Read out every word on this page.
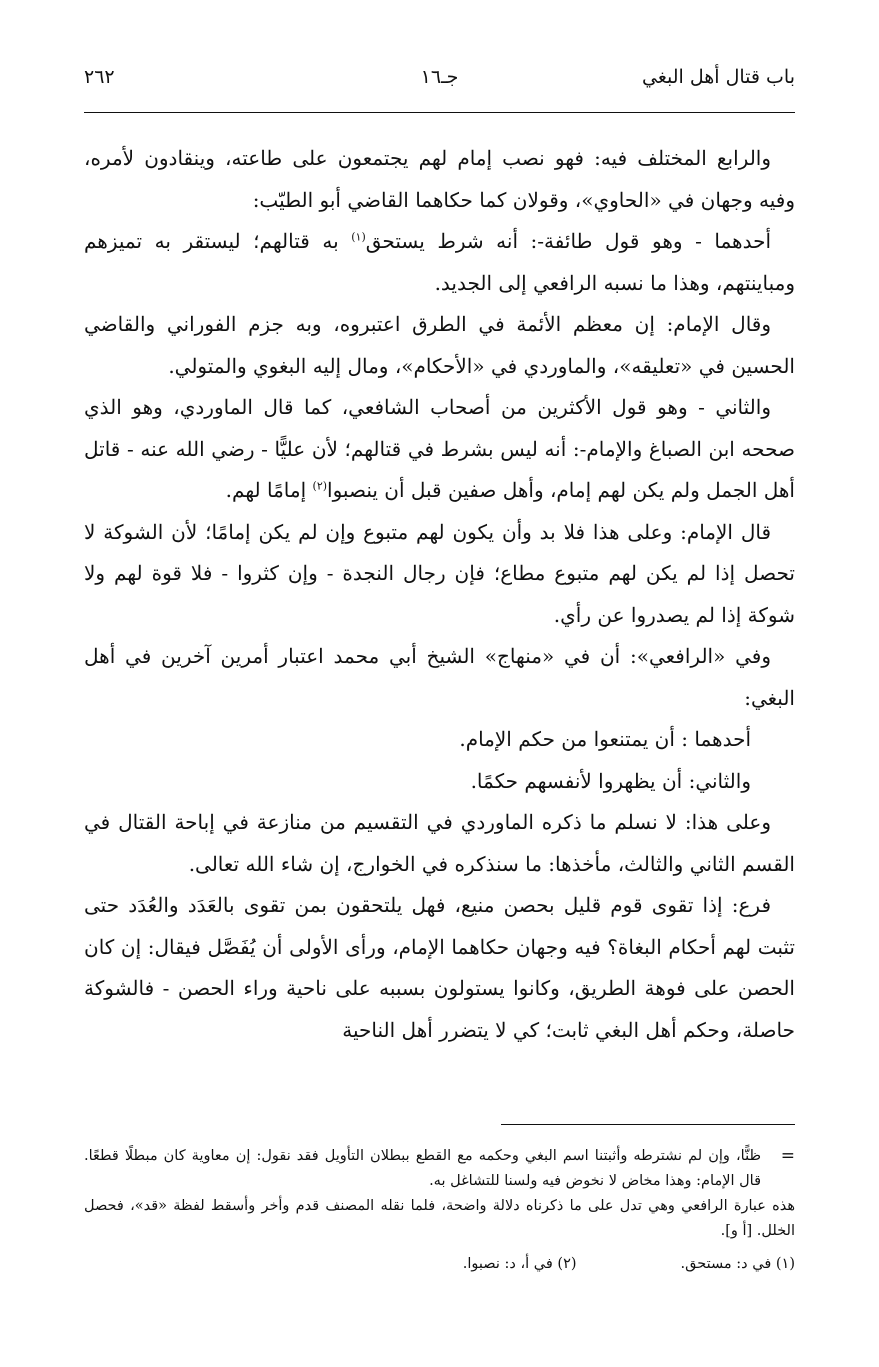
باب قتال أهل البغي
جـ١٦
٢٦٢

والرابع المختلف فيه: فهو نصب إمام لهم يجتمعون على طاعته، وينقادون لأمره، وفيه وجهان في «الحاوي»، وقولان كما حكاهما القاضي أبو الطيّب:

أحدهما - وهو قول طائفة-: أنه شرط يستحق$^{(١)}$ به قتالهم؛ ليستقر به تميزهم ومباينتهم، وهذا ما نسبه الرافعي إلى الجديد.

وقال الإمام: إن معظم الأئمة في الطرق اعتبروه، وبه جزم الفوراني والقاضي الحسين في «تعليقه»، والماوردي في «الأحكام»، ومال إليه البغوي والمتولي.

والثاني - وهو قول الأكثرين من أصحاب الشافعي، كما قال الماوردي، وهو الذي صححه ابن الصباغ والإمام-: أنه ليس بشرط في قتالهم؛ لأن عليًّا - رضي الله عنه - قاتل أهل الجمل ولم يكن لهم إمام، وأهل صفين قبل أن ينصبوا$^{(٢)}$ إمامًا لهم.

قال الإمام: وعلى هذا فلا بد وأن يكون لهم متبوع وإن لم يكن إمامًا؛ لأن الشوكة لا تحصل إذا لم يكن لهم متبوع مطاع؛ فإن رجال النجدة - وإن كثروا - فلا قوة لهم ولا شوكة إذا لم يصدروا عن رأي.

وفي «الرافعي»: أن في «منهاج» الشيخ أبي محمد اعتبار أمرين آخرين في أهل البغي:

أحدهما : أن يمتنعوا من حكم الإمام.

والثاني: أن يظهروا لأنفسهم حكمًا.

وعلى هذا: لا نسلم ما ذكره الماوردي في التقسيم من منازعة في إباحة القتال في القسم الثاني والثالث، مأخذها: ما سنذكره في الخوارج، إن شاء الله تعالى.

فرع: إذا تقوى قوم قليل بحصن منيع، فهل يلتحقون بمن تقوى بالعَدَد والعُدَد حتى تثبت لهم أحكام البغاة؟ فيه وجهان حكاهما الإمام، ورأى الأولى أن يُفَصَّل فيقال: إن كان الحصن على فوهة الطريق، وكانوا يستولون بسببه على ناحية وراء الحصن - فالشوكة حاصلة، وحكم أهل البغي ثابت؛ كي لا يتضرر أهل الناحية

=
ظنًّا، وإن لم نشترطه وأثبتنا اسم البغي وحكمه مع القطع ببطلان التأويل فقد نقول: إن معاوية كان مبطلًا قطعًا. قال الإمام: وهذا مخاض لا نخوض فيه ولسنا للتشاغل به.

هذه عبارة الرافعي وهي تدل على ما ذكرناه دلالة واضحة، فلما نقله المصنف قدم وأخر وأسقط لفظة «قد»، فحصل الخلل. [أ و].

(١) في د: مستحق.(٢) في أ، د: نصبوا.
